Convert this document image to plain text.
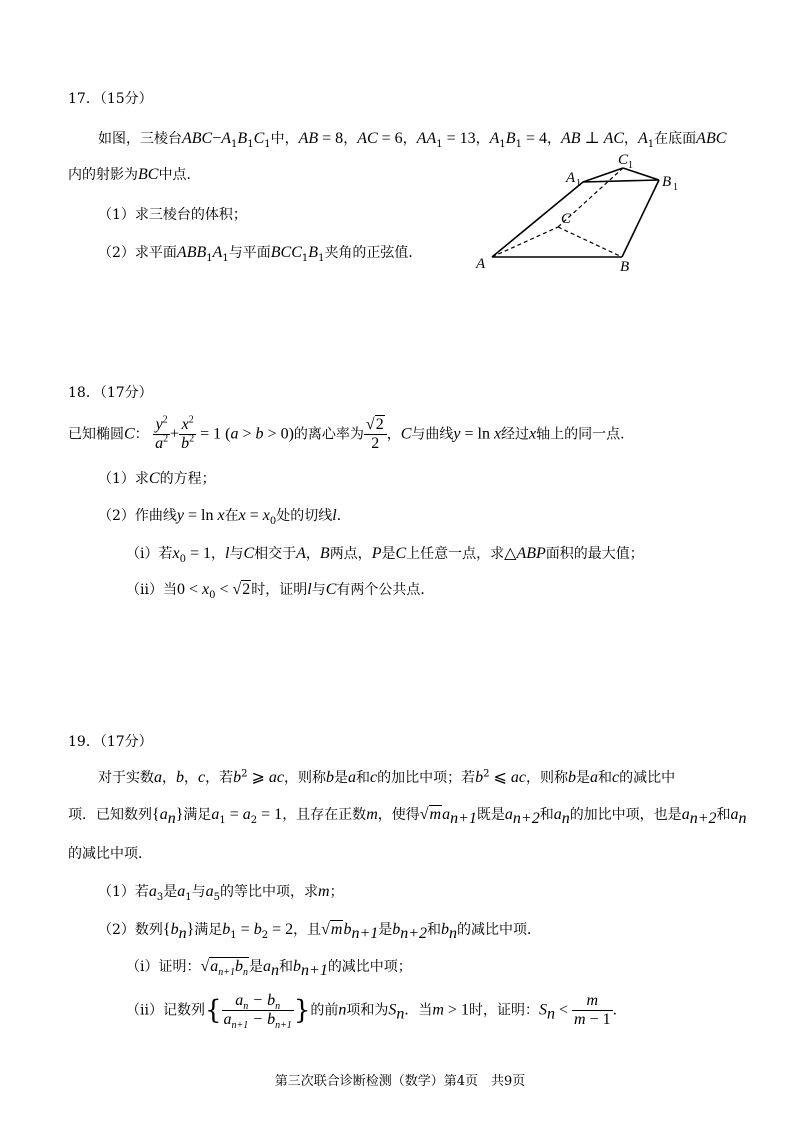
17．（15分）
如图，三棱台$ABC-A_1B_1C_1$中，AB = 8，AC = 6，$AA_1 = 13$，$A_1B_1 = 4$，AB ⊥ AC，$A_1$在底面ABC
内的射影为BC中点．
（1）求三棱台的体积；
（2）求平面$ABB_1A_1$与平面$BCC_1B_1$夹角的正弦值．
A	B
C
A 1
C 1
B 1
18．（17分）
已知椭圆C： $\frac{y^2}{a^2} + \frac{x^2}{b^2} = 1$ (a > b > 0)的离心率为 $\frac{√2}{2}$ ，C与曲线y = ln x经过x轴上的同一点．
（1）求C的方程；
（2）作曲线y = ln x在$x = x_0$处的切线l．
（i）若$x_0 = 1$，l与C相交于A，B两点，P是C上任意一点，求△ABP面积的最大值；
（ii）当$0 < x_0 < √2$时，证明l与C有两个公共点．
19．（17分）
对于实数a，b，c，若$b^2$ ⩾ ac，则称b是a和c的加比中项；若$b^2$ ⩽ ac，则称b是a和c的减比中
项．已知数列$\{a_n\}$满足$a_1 = a_2 = 1$，且存在正数m，使得$√ma_{n+1}$既是$a_{n+2}$和$a_n$的加比中项，也是$a_{n+2}$和$a_n$
的减比中项．
（1）若$a_3$是$a_1$与$a_5$的等比中项，求m；
（2）数列$\{b_n\}$满足$b_1 = b_2 = 2$，且$√mb_{n+1}$是$b_{n+2}$和$b_n$的减比中项．
（i）证明：$√a_{n+1}b_n$是$a_n$和$b_{n+1}$的减比中项；
（ii）记数列{ $\frac{a_n - b_n}{a_{n+1} - b_{n+1}}$ }的前n项和为$S_n$．当m > 1时，证明：$S_n < \frac{m}{m - 1}$ ．
第三次联合诊断检测（数学）第4页　共9页
